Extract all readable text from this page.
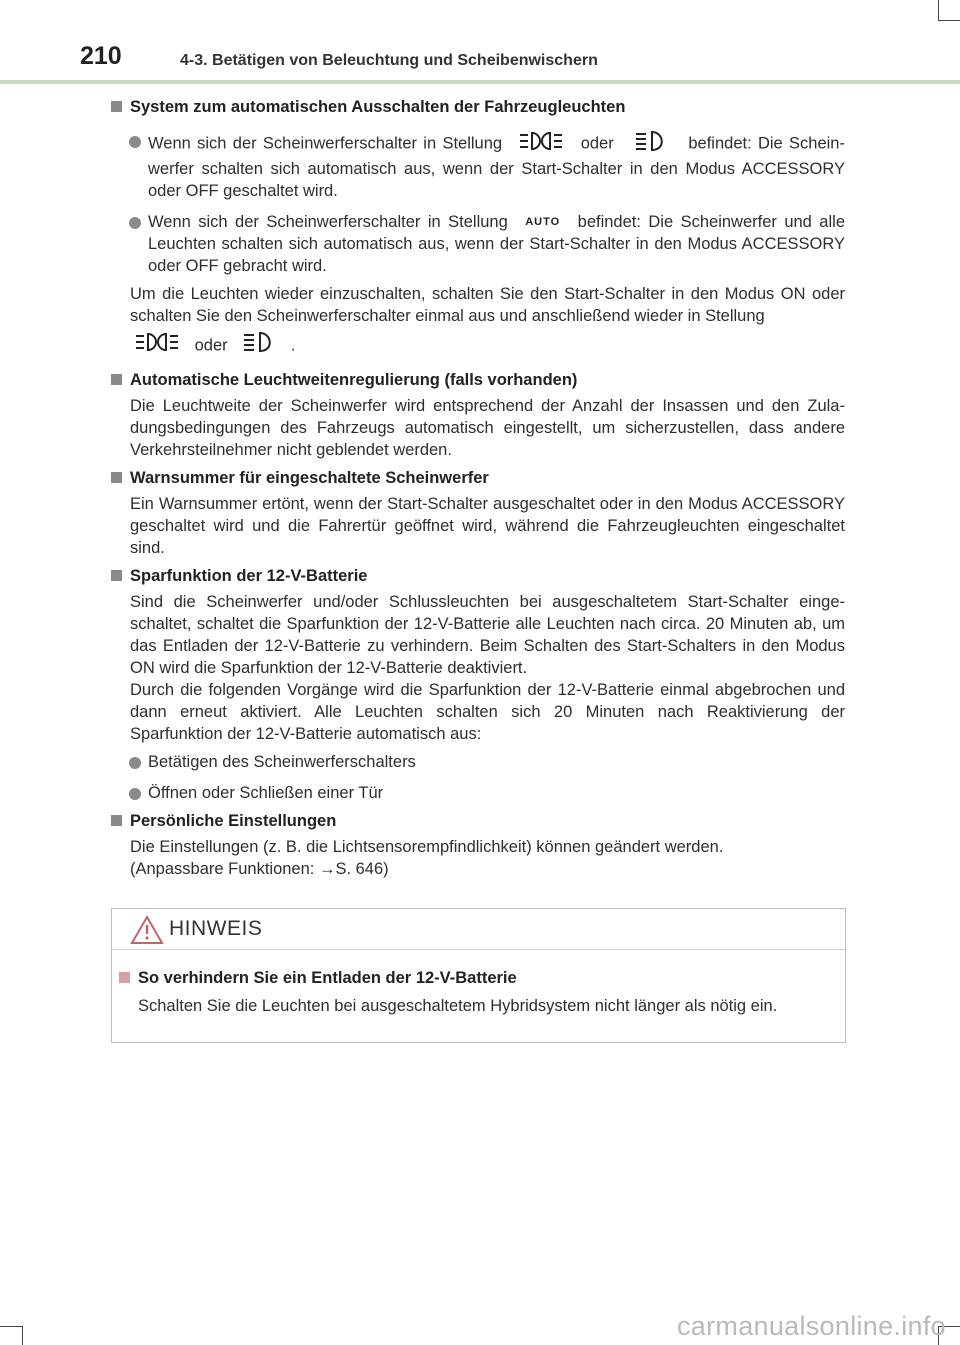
210	4-3. Betätigen von Beleuchtung und Scheibenwischern
System zum automatischen Ausschalten der Fahrzeugleuchten
Wenn sich der Scheinwerferschalter in Stellung	oder	befindet: Die Scheinwerfer schalten sich automatisch aus, wenn der Start-Schalter in den Modus ACCESSORY oder OFF geschaltet wird.
Wenn sich der Scheinwerferschalter in Stellung AUTO befindet: Die Scheinwerfer und alle Leuchten schalten sich automatisch aus, wenn der Start-Schalter in den Modus ACCESSORY oder OFF gebracht wird.
Um die Leuchten wieder einzuschalten, schalten Sie den Start-Schalter in den Modus ON oder schalten Sie den Scheinwerferschalter einmal aus und anschließend wieder in Stellung
oder	.
Automatische Leuchtweitenregulierung (falls vorhanden)
Die Leuchtweite der Scheinwerfer wird entsprechend der Anzahl der Insassen und den Zuladungsbedingungen des Fahrzeugs automatisch eingestellt, um sicherzustellen, dass andere Verkehrsteilnehmer nicht geblendet werden.
Warnsummer für eingeschaltete Scheinwerfer
Ein Warnsummer ertönt, wenn der Start-Schalter ausgeschaltet oder in den Modus ACCESSORY geschaltet wird und die Fahrertür geöffnet wird, während die Fahrzeugleuchten eingeschaltet sind.
Sparfunktion der 12-V-Batterie
Sind die Scheinwerfer und/oder Schlussleuchten bei ausgeschaltetem Start-Schalter eingeschaltet, schaltet die Sparfunktion der 12-V-Batterie alle Leuchten nach circa. 20 Minuten ab, um das Entladen der 12-V-Batterie zu verhindern. Beim Schalten des Start-Schalters in den Modus ON wird die Sparfunktion der 12-V-Batterie deaktiviert.
Durch die folgenden Vorgänge wird die Sparfunktion der 12-V-Batterie einmal abgebrochen und dann erneut aktiviert. Alle Leuchten schalten sich 20 Minuten nach Reaktivierung der Sparfunktion der 12-V-Batterie automatisch aus:
Betätigen des Scheinwerferschalters
Öffnen oder Schließen einer Tür
Persönliche Einstellungen
Die Einstellungen (z. B. die Lichtsensorempfindlichkeit) können geändert werden.
(Anpassbare Funktionen: →S. 646)
HINWEIS
So verhindern Sie ein Entladen der 12-V-Batterie
Schalten Sie die Leuchten bei ausgeschaltetem Hybridsystem nicht länger als nötig ein.
carmanualsonline.info
